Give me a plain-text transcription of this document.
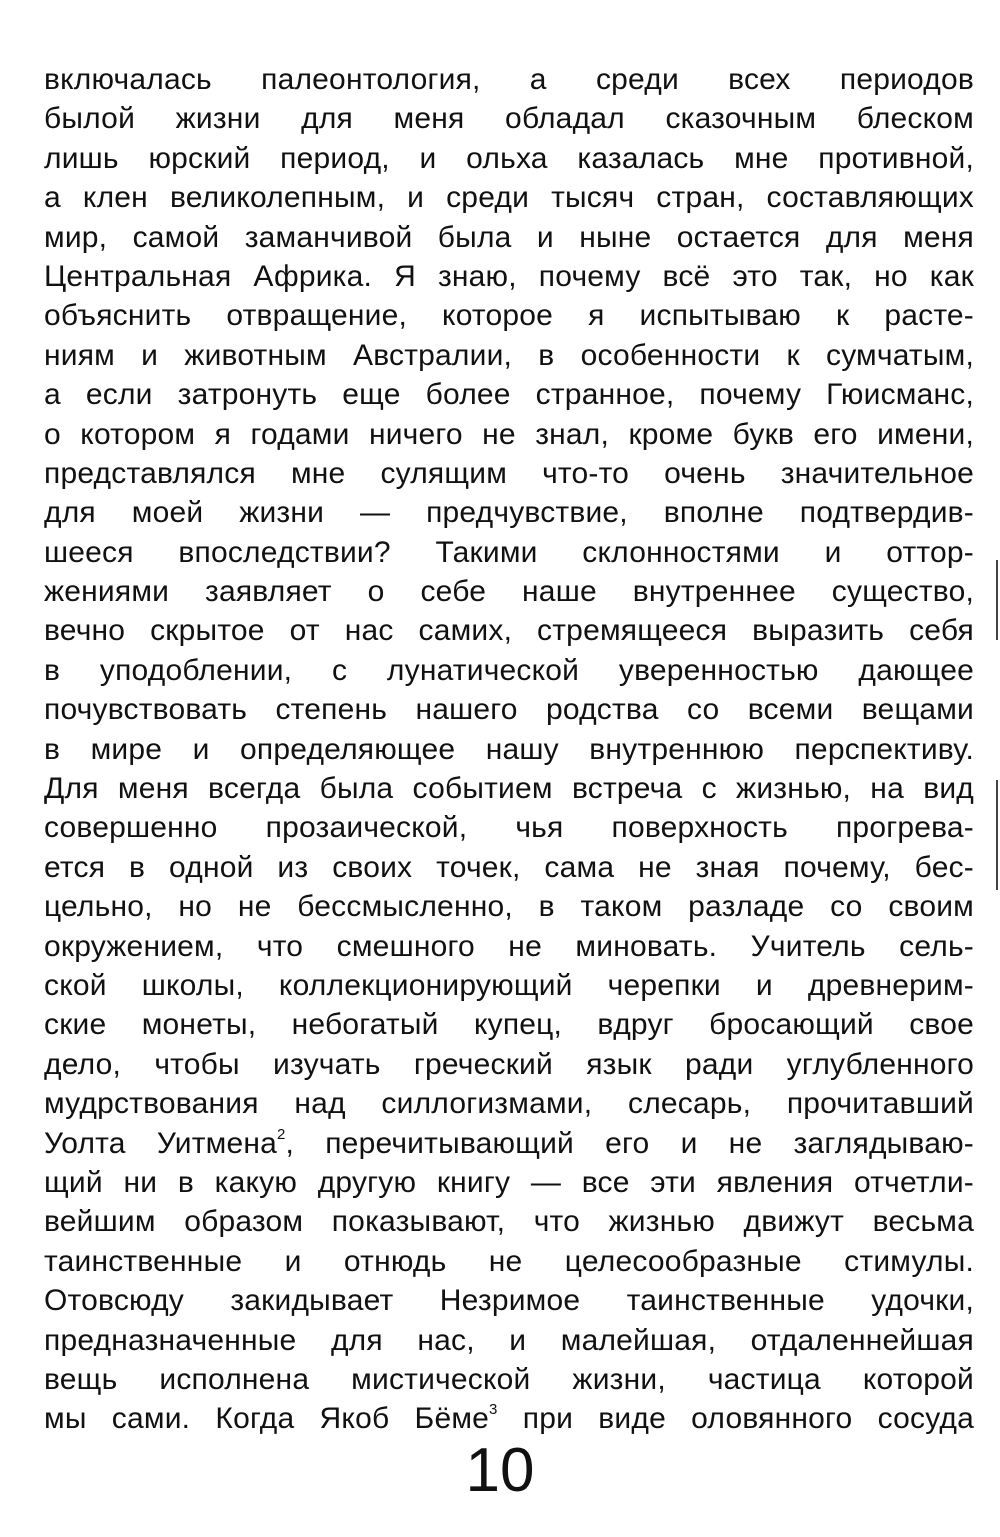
включалась палеонтология, а среди всех периодов
былой жизни для меня обладал сказочным блеском
лишь юрский период, и ольха казалась мне противной,
а клен великолепным, и среди тысяч стран, составляющих
мир, самой заманчивой была и ныне остается для меня
Центральная Африка. Я знаю, почему всё это так, но как
объяснить отвращение, которое я испытываю к расте-
ниям и животным Австралии, в особенности к сумчатым,
а если затронуть еще более странное, почему Гюисманс,
о котором я годами ничего не знал, кроме букв его имени,
представлялся мне сулящим что-то очень значительное
для моей жизни — предчувствие, вполне подтвердив-
шееся впоследствии? Такими склонностями и оттор-
жениями заявляет о себе наше внутреннее существо,
вечно скрытое от нас самих, стремящееся выразить себя
в уподоблении, с лунатической уверенностью дающее
почувствовать степень нашего родства со всеми вещами
в мире и определяющее нашу внутреннюю перспективу.
Для меня всегда была событием встреча с жизнью, на вид
совершенно прозаической, чья поверхность прогрева-
ется в одной из своих точек, сама не зная почему, бес-
цельно, но не бессмысленно, в таком разладе со своим
окружением, что смешного не миновать. Учитель сель-
ской школы, коллекционирующий черепки и древнерим-
ские монеты, небогатый купец, вдруг бросающий свое
дело, чтобы изучать греческий язык ради углубленного
мудрствования над силлогизмами, слесарь, прочитавший
Уолта Уитмена$^2$, перечитывающий его и не заглядываю-
щий ни в какую другую книгу — все эти явления отчетли-
вейшим образом показывают, что жизнью движут весьма
таинственные и отнюдь не целесообразные стимулы.
Отовсюду закидывает Незримое таинственные удочки,
предназначенные для нас, и малейшая, отдаленнейшая
вещь исполнена мистической жизни, частица которой
мы сами. Когда Якоб Бёме$^3$ при виде оловянного сосуда
10
